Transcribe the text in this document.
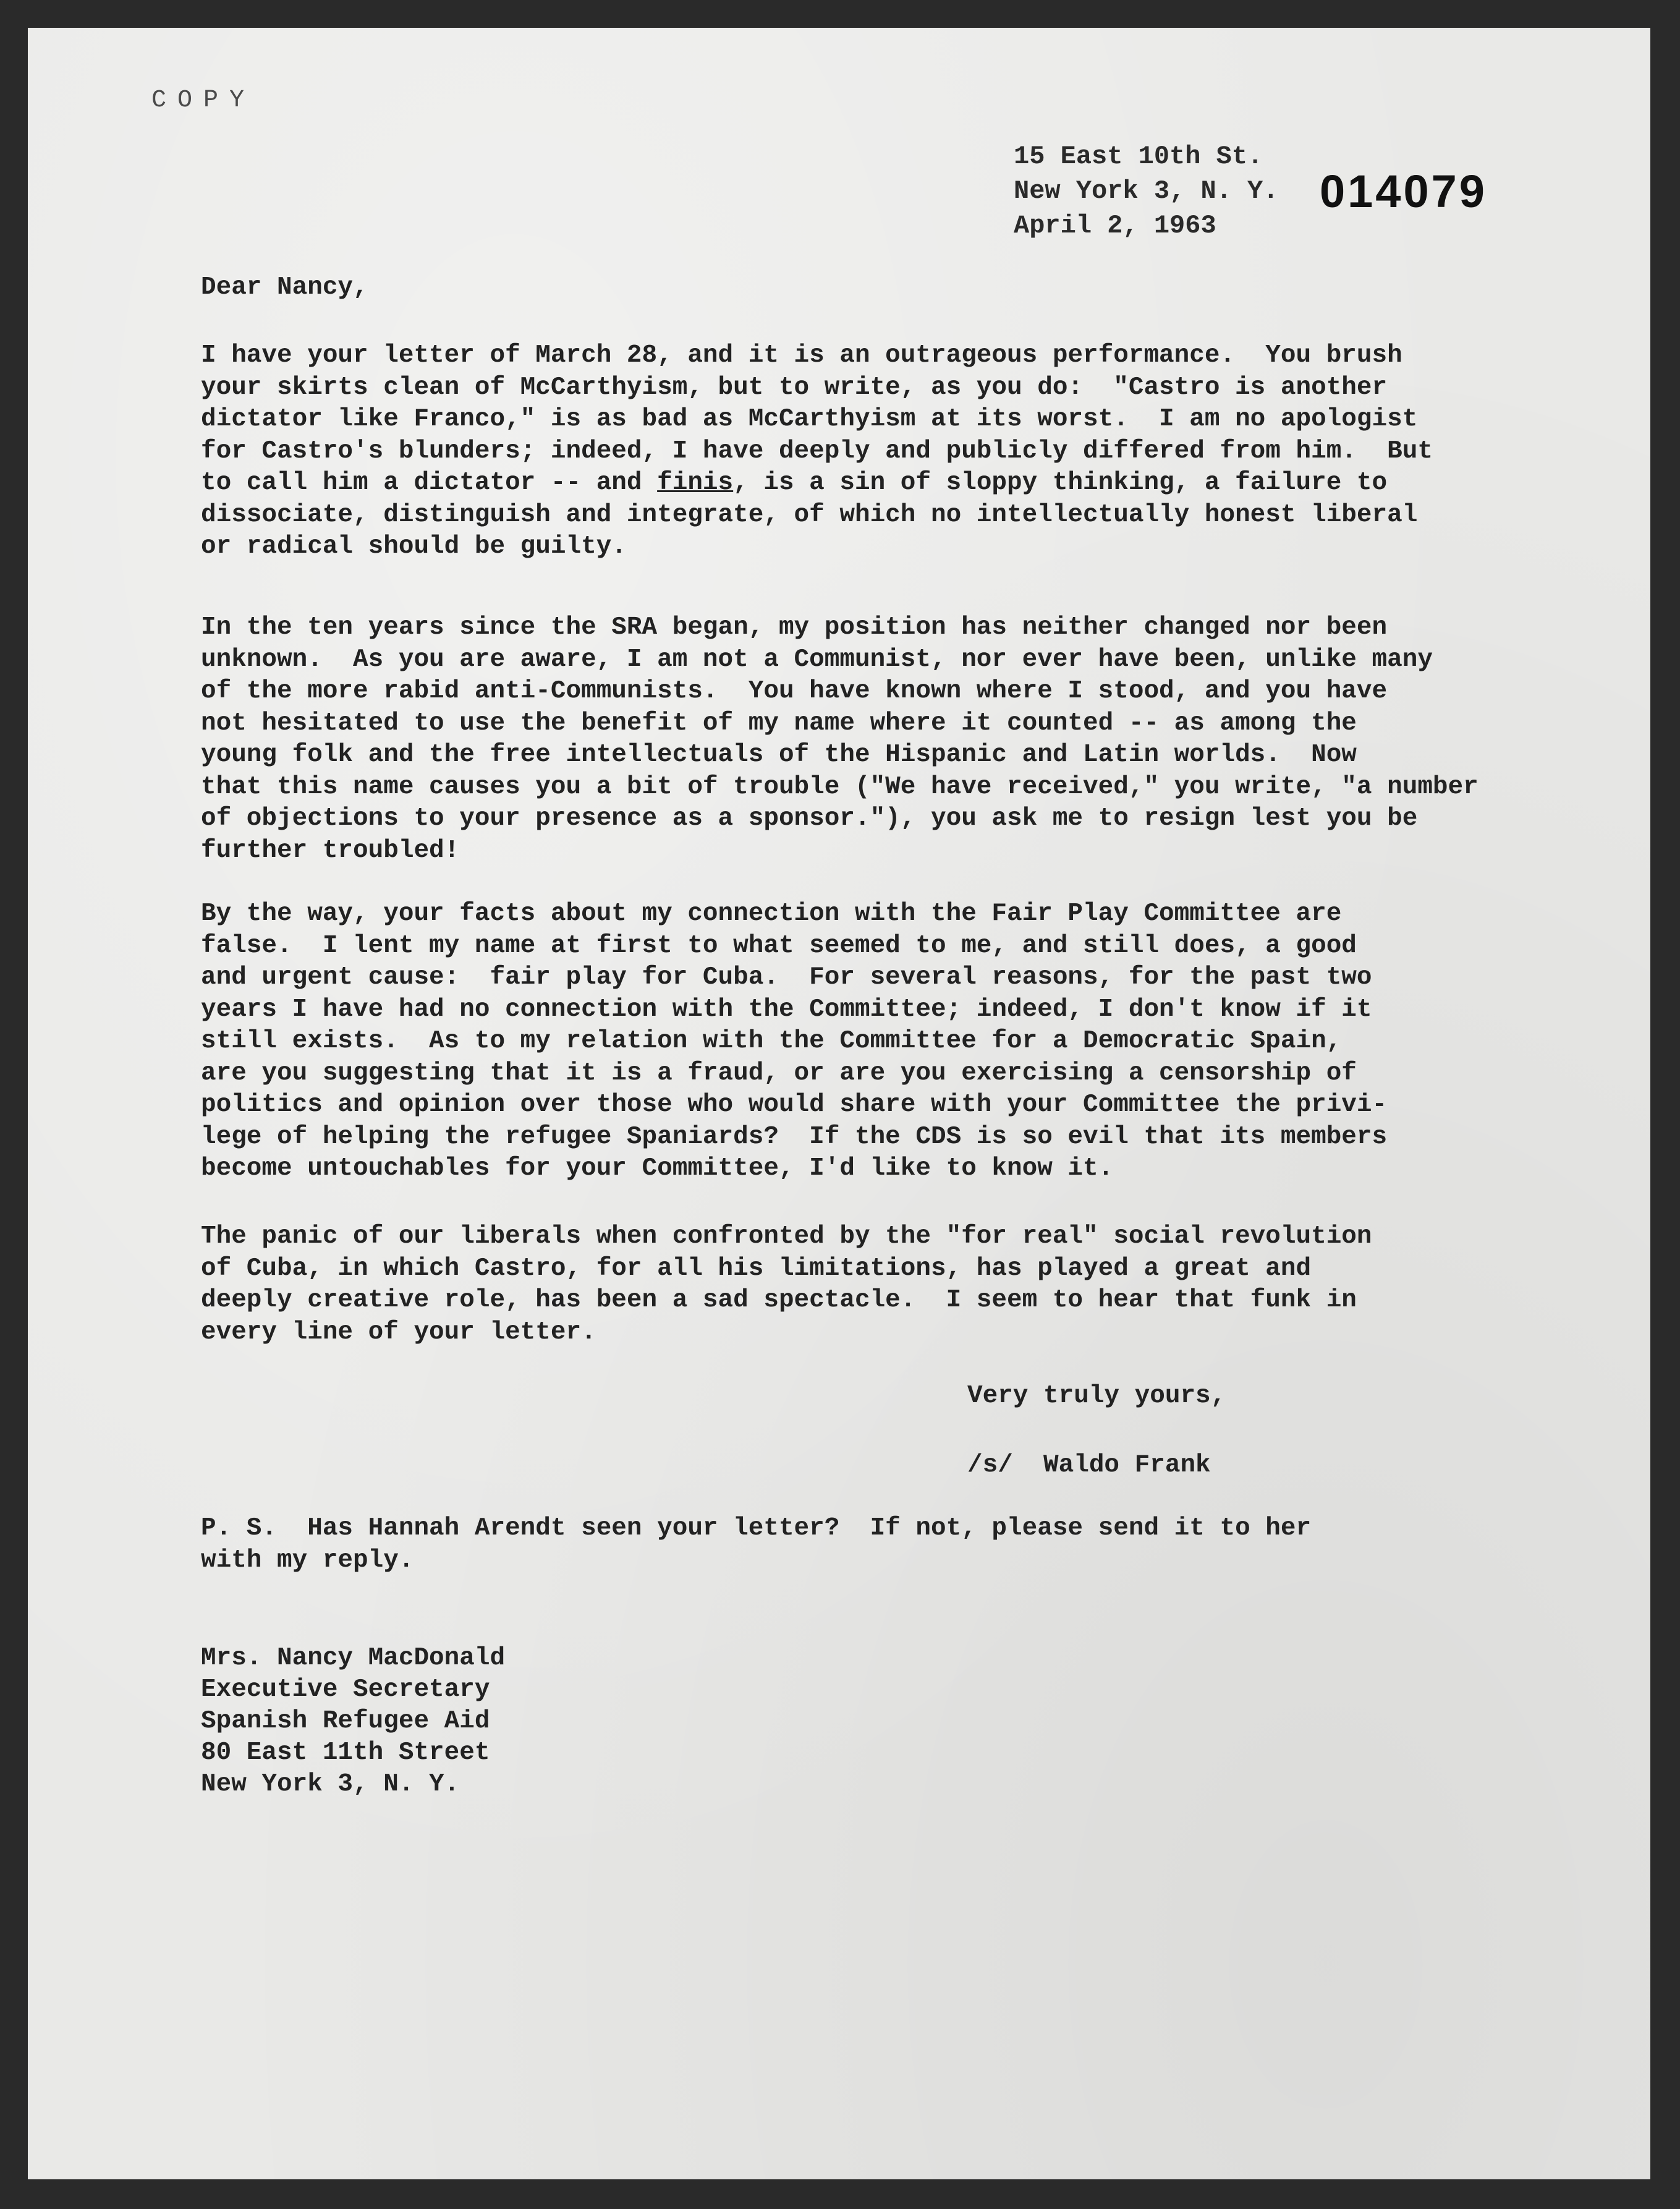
COPY
15 East 10th St.
New York 3, N. Y.
April 2, 1963
014079
Dear Nancy,
I have your letter of March 28, and it is an outrageous performance.  You brush
your skirts clean of McCarthyism, but to write, as you do:  "Castro is another
dictator like Franco," is as bad as McCarthyism at its worst.  I am no apologist
for Castro's blunders; indeed, I have deeply and publicly differed from him.  But
to call him a dictator -- and finis, is a sin of sloppy thinking, a failure to
dissociate, distinguish and integrate, of which no intellectually honest liberal
or radical should be guilty.
In the ten years since the SRA began, my position has neither changed nor been
unknown.  As you are aware, I am not a Communist, nor ever have been, unlike many
of the more rabid anti-Communists.  You have known where I stood, and you have
not hesitated to use the benefit of my name where it counted -- as among the
young folk and the free intellectuals of the Hispanic and Latin worlds.  Now
that this name causes you a bit of trouble ("We have received," you write, "a number
of objections to your presence as a sponsor."), you ask me to resign lest you be
further troubled!
By the way, your facts about my connection with the Fair Play Committee are
false.  I lent my name at first to what seemed to me, and still does, a good
and urgent cause:  fair play for Cuba.  For several reasons, for the past two
years I have had no connection with the Committee; indeed, I don't know if it
still exists.  As to my relation with the Committee for a Democratic Spain,
are you suggesting that it is a fraud, or are you exercising a censorship of
politics and opinion over those who would share with your Committee the privi-
lege of helping the refugee Spaniards?  If the CDS is so evil that its members
become untouchables for your Committee, I'd like to know it.
The panic of our liberals when confronted by the "for real" social revolution
of Cuba, in which Castro, for all his limitations, has played a great and
deeply creative role, has been a sad spectacle.  I seem to hear that funk in
every line of your letter.
Very truly yours,
/s/  Waldo Frank
P. S.  Has Hannah Arendt seen your letter?  If not, please send it to her
with my reply.
Mrs. Nancy MacDonald
Executive Secretary
Spanish Refugee Aid
80 East 11th Street
New York 3, N. Y.
